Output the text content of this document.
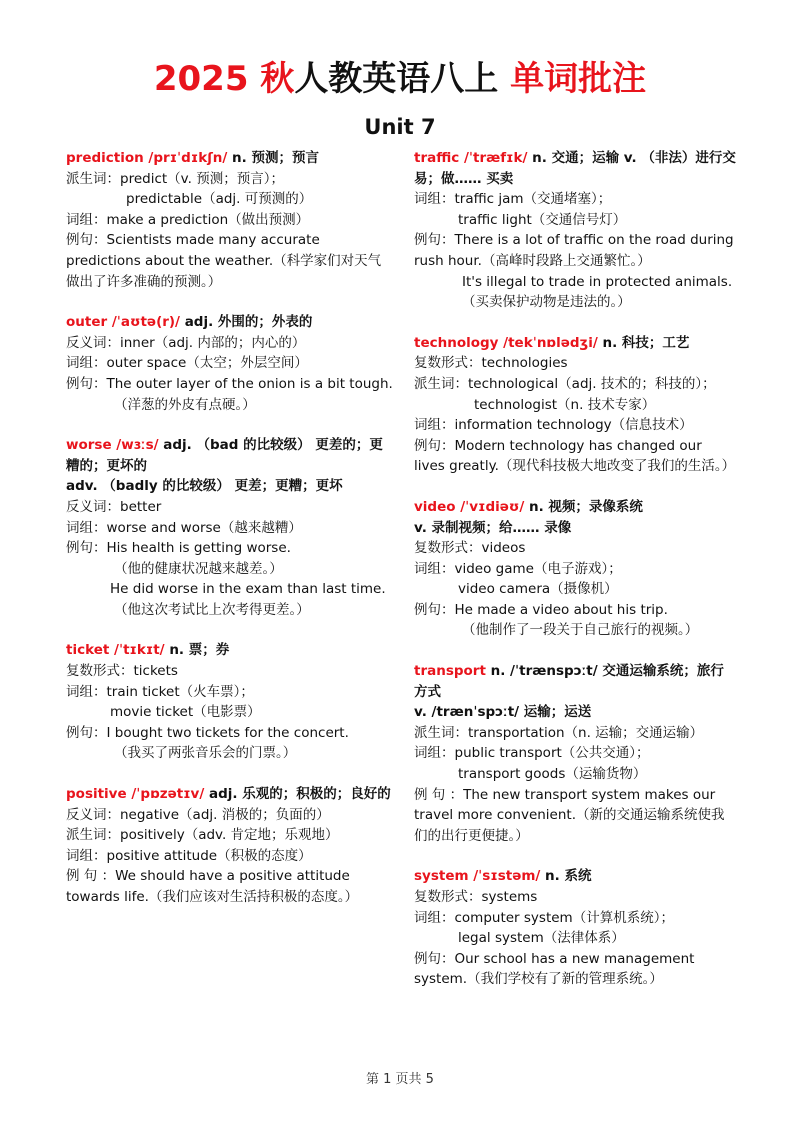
2025 秋人教英语八上 单词批注
Unit 7
prediction /prɪˈdɪkʃn/ n. 预测；预言
派生词：predict（v. 预测；预言）；
predictable（adj. 可预测的）
词组：make a prediction（做出预测）
例句：Scientists made many accurate predictions about the weather.（科学家们对天气做出了许多准确的预测。）
outer /ˈaʊtə(r)/ adj. 外围的；外表的
反义词：inner（adj. 内部的；内心的）
词组：outer space（太空；外层空间）
例句：The outer layer of the onion is a bit tough.
（洋葱的外皮有点硬。）
worse /wɜːs/ adj. （bad 的比较级） 更差的；更糟的；更坏的
adv. （badly 的比较级） 更差；更糟；更坏
反义词：better
词组：worse and worse（越来越糟）
例句：His health is getting worse.
（他的健康状况越来越差。）
He did worse in the exam than last time.
（他这次考试比上次考得更差。）
ticket /ˈtɪkɪt/ n. 票；券
复数形式：tickets
词组：train ticket（火车票）；
movie ticket（电影票）
例句：I bought two tickets for the concert.
（我买了两张音乐会的门票。）
positive /ˈpɒzətɪv/ adj. 乐观的；积极的；良好的
反义词：negative（adj. 消极的；负面的）
派生词：positively（adv. 肯定地；乐观地）
词组：positive attitude（积极的态度）
例 句 ：We should have a positive attitude towards life.（我们应该对生活持积极的态度。）
traffic /ˈtræfɪk/ n. 交通；运输 v. （非法）进行交易；做…… 买卖
词组：traffic jam（交通堵塞）；
traffic light（交通信号灯）
例句：There is a lot of traffic on the road during rush hour.（高峰时段路上交通繁忙。）
It's illegal to trade in protected animals.
（买卖保护动物是违法的。）
technology /tekˈnɒlədʒi/ n. 科技；工艺
复数形式：technologies
派生词：technological（adj. 技术的；科技的）；
technologist（n. 技术专家）
词组：information technology（信息技术）
例句：Modern technology has changed our lives greatly.（现代科技极大地改变了我们的生活。）
video /ˈvɪdiəʊ/ n. 视频；录像系统
v. 录制视频；给…… 录像
复数形式：videos
词组：video game（电子游戏）；
video camera（摄像机）
例句：He made a video about his trip.
（他制作了一段关于自己旅行的视频。）
transport n. /ˈtrænspɔːt/ 交通运输系统；旅行方式
v. /trænˈspɔːt/ 运输；运送
派生词：transportation（n. 运输；交通运输）
词组：public transport（公共交通）；
transport goods（运输货物）
例 句 ：The new transport system makes our travel more convenient.（新的交通运输系统使我们的出行更便捷。）
system /ˈsɪstəm/ n. 系统
复数形式：systems
词组：computer system（计算机系统）；
legal system（法律体系）
例句：Our school has a new management system.（我们学校有了新的管理系统。）
第 1 页共 5
